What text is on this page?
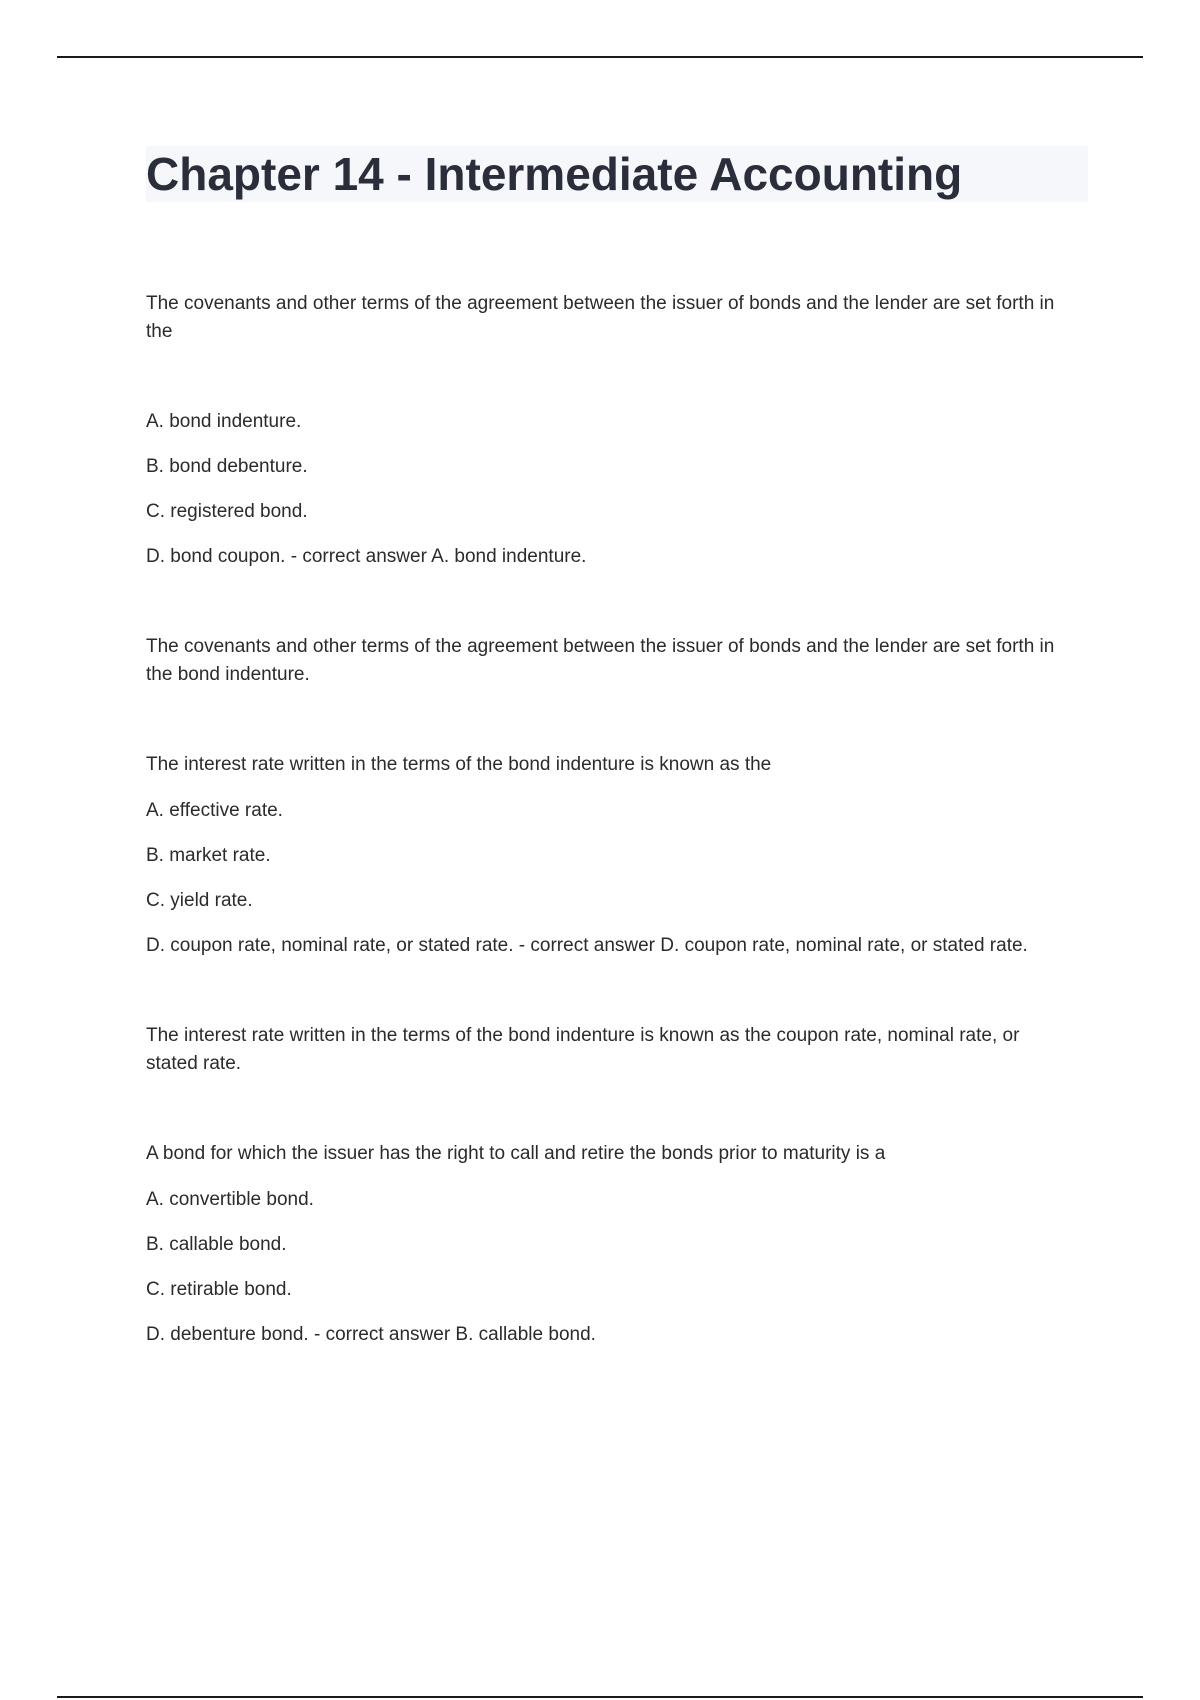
Chapter 14 - Intermediate Accounting

The covenants and other terms of the agreement between the issuer of bonds and the lender are set forth in the

A. bond indenture.
B. bond debenture.
C. registered bond.
D. bond coupon. - correct answer A. bond indenture.

The covenants and other terms of the agreement between the issuer of bonds and the lender are set forth in the bond indenture.

The interest rate written in the terms of the bond indenture is known as the

A. effective rate.
B. market rate.
C. yield rate.
D. coupon rate, nominal rate, or stated rate. - correct answer D. coupon rate, nominal rate, or stated rate.

The interest rate written in the terms of the bond indenture is known as the coupon rate, nominal rate, or stated rate.

A bond for which the issuer has the right to call and retire the bonds prior to maturity is a

A. convertible bond.
B. callable bond.
C. retirable bond.
D. debenture bond. - correct answer B. callable bond.
